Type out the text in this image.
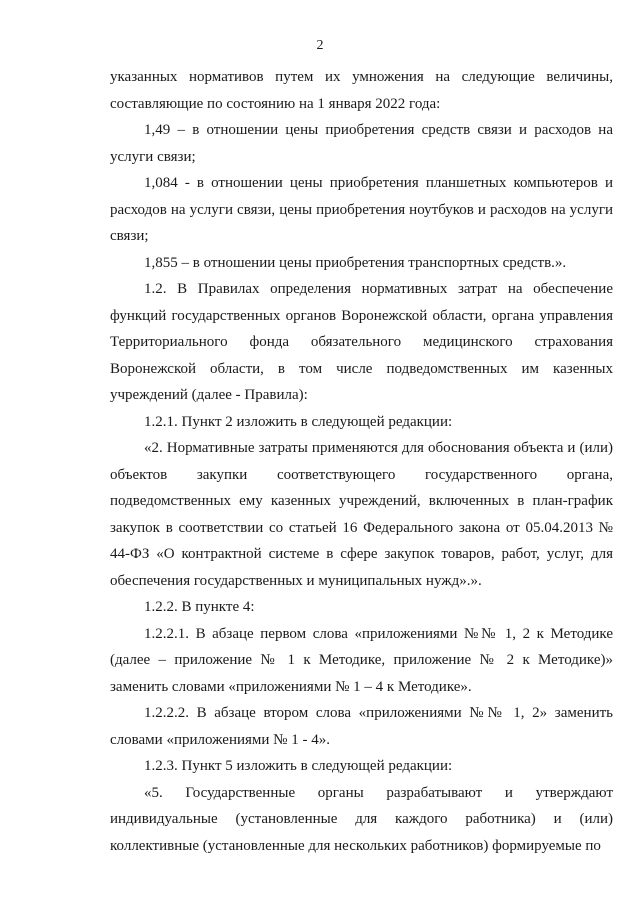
2

указанных нормативов путем их умножения на следующие величины, составляющие по состоянию на 1 января 2022 года:

1,49 – в отношении цены приобретения средств связи и расходов на услуги связи;

1,084 - в отношении цены приобретения планшетных компьютеров и расходов на услуги связи, цены приобретения ноутбуков и расходов на услуги связи;

1,855 – в отношении цены приобретения транспортных средств.».

1.2. В Правилах определения нормативных затрат на обеспечение функций государственных органов Воронежской области, органа управления Территориального фонда обязательного медицинского страхования Воронежской области, в том числе подведомственных им казенных учреждений (далее - Правила):

1.2.1. Пункт 2 изложить в следующей редакции:

«2. Нормативные затраты применяются для обоснования объекта и (или) объектов закупки соответствующего государственного органа, подведомственных ему казенных учреждений, включенных в план-график закупок в соответствии со статьей 16 Федерального закона от 05.04.2013 № 44-ФЗ «О контрактной системе в сфере закупок товаров, работ, услуг, для обеспечения государственных и муниципальных нужд».».

1.2.2. В пункте 4:

1.2.2.1. В абзаце первом слова «приложениями №№ 1, 2 к Методике (далее – приложение № 1 к Методике, приложение № 2 к Методике)» заменить словами «приложениями № 1 – 4 к Методике».

1.2.2.2. В абзаце втором слова «приложениями №№ 1, 2» заменить словами «приложениями № 1 - 4».

1.2.3. Пункт 5 изложить в следующей редакции:

«5. Государственные органы разрабатывают и утверждают индивидуальные (установленные для каждого работника) и (или) коллективные (установленные для нескольких работников) формируемые по
